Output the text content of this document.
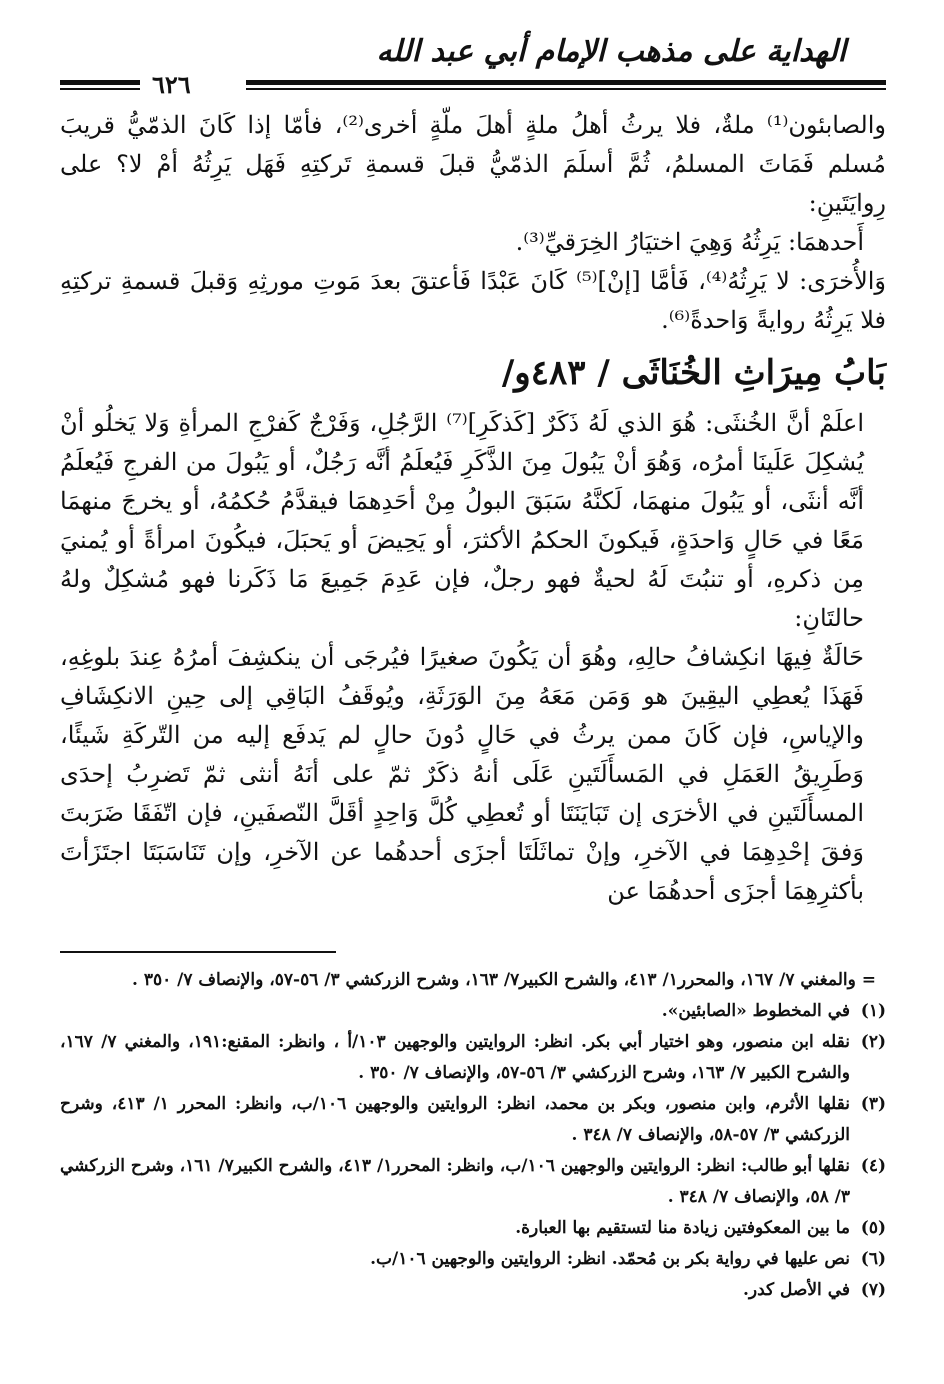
الهداية على مذهب الإمام أبي عبد الله
٦٢٦

والصابئون⁽¹⁾ ملةٌ، فلا يرثُ أهلُ ملةٍ أهلَ ملّةٍ أخرى⁽²⁾، فأمّا إذا كَانَ الذمّيُّ قريبَ مُسلم فَمَاتَ المسلمُ، ثُمَّ أسلَمَ الذمّيُّ قبلَ قسمةِ تَركتِهِ فَهَل يَرِثُهُ أمْ لا؟ على رِوايَتَينِ:

أَحدهمَا: يَرِثُهُ وَهِيَ اختيَارُ الخِرَقيِّ⁽³⁾.

وَالأُخرَى: لا يَرِثُهُ⁽⁴⁾، فَأمَّا [إنْ]⁽⁵⁾ كَانَ عَبْدًا فَأعتقَ بعدَ مَوتِ مورثِهِ وَقبلَ قسمةِ تركتِهِ فلا يَرِثُهُ روايةً وَاحدةً⁽⁶⁾.

بَابُ مِيرَاثِ الخُنَاثَى / ٤٨٣و/

اعلَمْ أنَّ الخُنثَى: هُوَ الذي لَهُ ذَكَرٌ [كَذكَرِ]⁽⁷⁾ الرَّجُلِ، وَفَرْجٌ كَفرْجِ المرأةِ وَلا يَخلُو أنْ يُشكِلَ عَلَينَا أمرُه، وَهُوَ أنْ يَبُولَ مِنَ الذَّكَرِ فَيُعلَمُ أنَّه رَجُلٌ، أو يَبُولَ من الفرجِ فَيُعلَمُ أنَّه أنثَى، أو يَبُولَ منهمَا، لَكنَّهُ سَبَقَ البولُ مِنْ أحَدِهمَا فيقدَّمُ حُكمُهُ، أو يخرجَ منهمَا مَعًا في حَالٍ وَاحدَةٍ، فَيكونَ الحكمُ الأكثرَ، أو يَحِيضَ أو يَحبَلَ، فيكُونَ امرأةً أو يُمنيَ مِن ذكرهِ، أو تنبُتَ لَهُ لحيةٌ فهو رجلٌ، فإن عَدِمَ جَمِيعَ مَا ذَكَرنا فهو مُشكِلٌ ولهُ حالتَانِ:

حَالَةٌ فِيهَا انكِشافُ حالِهِ، وهُوَ أن يَكُونَ صغيرًا فيُرجَى أن ينكشِفَ أمرُهُ عِندَ بلوغِهِ، فَهَذَا يُعطِي اليقِينَ هو وَمَن مَعَهُ مِنَ الوَرَثَةِ، ويُوقَفُ البَاقِي إلى حِينِ الانكِشَافِ والإياسِ، فإن كَانَ ممن يرثُ في حَالٍ دُونَ حالٍ لم يَدفَع إليه من التّركَةِ شَيئًا، وَطَرِيقُ العَمَلِ في المَسأَلَتَينِ عَلَى أنهُ ذكَرٌ ثمّ على أنَهُ أنثى ثمّ تَضرِبُ إحدَى المسأَلَتَينِ في الأخرَى إن تَبَايَنَتَا أو تُعطِي كُلَّ وَاحِدٍ أقَلَّ النّصفَينِ، فإن اتّفَقَا ضَرَبتَ وَفقَ إحْدِهِمَا في الآخرِ، وإنْ تماثَلَتَا أجزَى أحدهُما عن الآخرِ، وإن تَنَاسَبَتَا اجتَزَأتَ بأكثرِهِمَا أجزَى أحدهُمَا عن

= والمغني ٧/ ١٦٧، والمحرر١/ ٤١٣، والشرح الكبير٧/ ١٦٣، وشرح الزركشي ٣/ ٥٦-٥٧، والإنصاف ٧/ ٣٥٠ .
(١)
في المخطوط «الصابئين».
(٢)
نقله ابن منصور، وهو اختيار أبي بكر. انظر: الروايتين والوجهين ١٠٣/أ ، وانظر: المقنع:١٩١، والمغني ٧/ ١٦٧، والشرح الكبير ٧/ ١٦٣، وشرح الزركشي ٣/ ٥٦-٥٧، والإنصاف ٧/ ٣٥٠ .
(٣)
نقلها الأثرم، وابن منصور، وبكر بن محمد، انظر: الروايتين والوجهين ١٠٦/ب، وانظر: المحرر ١/ ٤١٣، وشرح الزركشي ٣/ ٥٧-٥٨، والإنصاف ٧/ ٣٤٨ .
(٤)
نقلها أبو طالب: انظر: الروايتين والوجهين ١٠٦/ب، وانظر: المحرر١/ ٤١٣، والشرح الكبير٧/ ١٦١، وشرح الزركشي ٣/ ٥٨، والإنصاف ٧/ ٣٤٨ .
(٥)
ما بين المعكوفتين زيادة منا لتستقيم بها العبارة.
(٦)
نص عليها في رواية بكر بن مُحمّد. انظر: الروايتين والوجهين ١٠٦/ب.
(٧)
في الأصل كدر.
